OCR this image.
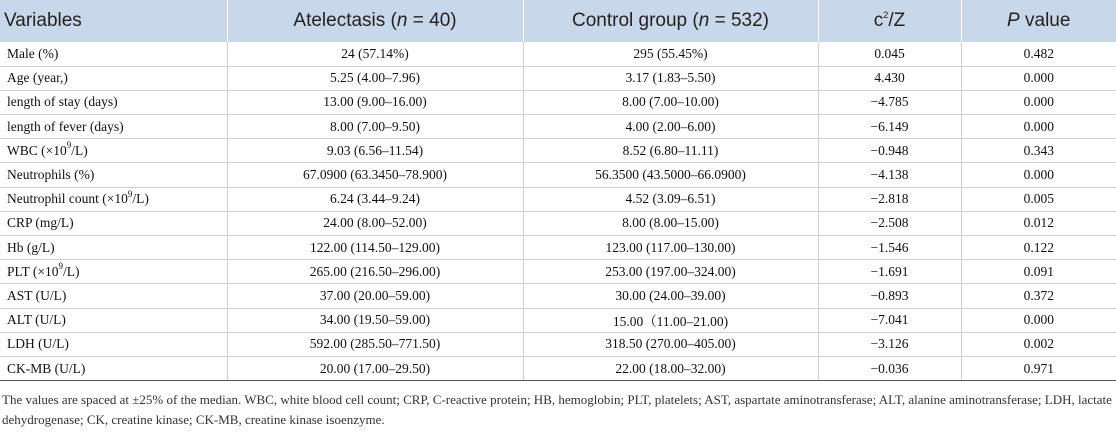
Variables	Atelectasis (n = 40)	Control group (n = 532)	$c^2/Z$	P value
Male (%)	24 (57.14%)	295 (55.45%)	0.045	0.482
Age (year,)	5.25 (4.00–7.96)	3.17 (1.83–5.50)	4.430	0.000
length of stay (days)	13.00 (9.00–16.00)	8.00 (7.00–10.00)	−4.785	0.000
length of fever (days)	8.00 (7.00–9.50)	4.00 (2.00–6.00)	−6.149	0.000
WBC $(\times 10^9/L)$	9.03 (6.56–11.54)	8.52 (6.80–11.11)	−0.948	0.343
Neutrophils (%)	67.0900 (63.3450–78.900)	56.3500 (43.5000–66.0900)	−4.138	0.000
Neutrophil count $(\times 10^9/L)$	6.24 (3.44–9.24)	4.52 (3.09–6.51)	−2.818	0.005
CRP (mg/L)	24.00 (8.00–52.00)	8.00 (8.00–15.00)	−2.508	0.012
Hb (g/L)	122.00 (114.50–129.00)	123.00 (117.00–130.00)	−1.546	0.122
PLT $(\times 10^9/L)$	265.00 (216.50–296.00)	253.00 (197.00–324.00)	−1.691	0.091
AST (U/L)	37.00 (20.00–59.00)	30.00 (24.00–39.00)	−0.893	0.372
ALT (U/L)	34.00 (19.50–59.00)	15.00（11.00–21.00)	−7.041	0.000
LDH (U/L)	592.00 (285.50–771.50)	318.50 (270.00–405.00)	−3.126	0.002
CK-MB (U/L)	20.00 (17.00–29.50)	22.00 (18.00–32.00)	−0.036	0.971
The values are spaced at ±25% of the median. WBC, white blood cell count; CRP, C-reactive protein; HB, hemoglobin; PLT, platelets; AST, aspartate aminotransferase; ALT, alanine aminotransferase; LDH, lactate dehydrogenase; CK, creatine kinase; CK-MB, creatine kinase isoenzyme.
